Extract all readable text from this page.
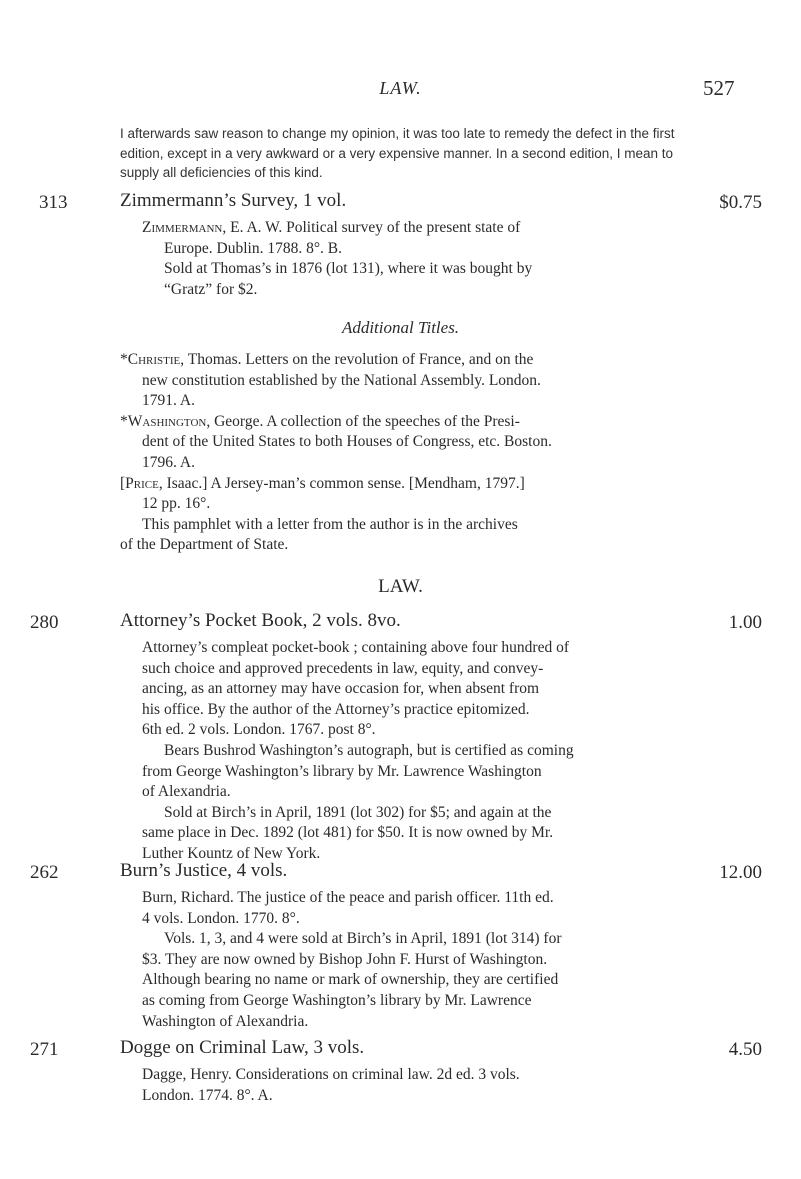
LAW.	527
I afterwards saw reason to change my opinion, it was too late to remedy the defect in the first edition, except in a very awkward or a very expensive manner. In a second edition, I mean to supply all deficiencies of this kind.
313	Zimmermann’s Survey, 1 vol.	$0.75

Zimmermann, E. A. W. Political survey of the present state of

Europe. Dublin. 1788. 8°. B.

Sold at Thomas’s in 1876 (lot 131), where it was bought by

“Gratz” for $2.

Additional Titles.

*Christie, Thomas. Letters on the revolution of France, and on the

new constitution established by the National Assembly. London.

1791. A.

*Washington, George. A collection of the speeches of the Presi-

dent of the United States to both Houses of Congress, etc. Boston.

1796. A.

[Price, Isaac.] A Jersey-man’s common sense. [Mendham, 1797.]

12 pp. 16°.

This pamphlet with a letter from the author is in the archives

of the Department of State.

LAW.
280	Attorney’s Pocket Book, 2 vols. 8vo.	1.00

Attorney’s compleat pocket-book ; containing above four hundred of

such choice and approved precedents in law, equity, and convey-

ancing, as an attorney may have occasion for, when absent from

his office. By the author of the Attorney’s practice epitomized.

6th ed. 2 vols. London. 1767. post 8°.

Bears Bushrod Washington’s autograph, but is certified as coming

from George Washington’s library by Mr. Lawrence Washington

of Alexandria.

Sold at Birch’s in April, 1891 (lot 302) for $5; and again at the

same place in Dec. 1892 (lot 481) for $50. It is now owned by Mr.

Luther Kountz of New York.

262	Burn’s Justice, 4 vols.	12.00

Burn, Richard. The justice of the peace and parish officer. 11th ed.

4 vols. London. 1770. 8°.

Vols. 1, 3, and 4 were sold at Birch’s in April, 1891 (lot 314) for

$3. They are now owned by Bishop John F. Hurst of Washington.

Although bearing no name or mark of ownership, they are certified

as coming from George Washington’s library by Mr. Lawrence

Washington of Alexandria.

271	Dogge on Criminal Law, 3 vols.	4.50

Dagge, Henry. Considerations on criminal law. 2d ed. 3 vols.

London. 1774. 8°. A.
